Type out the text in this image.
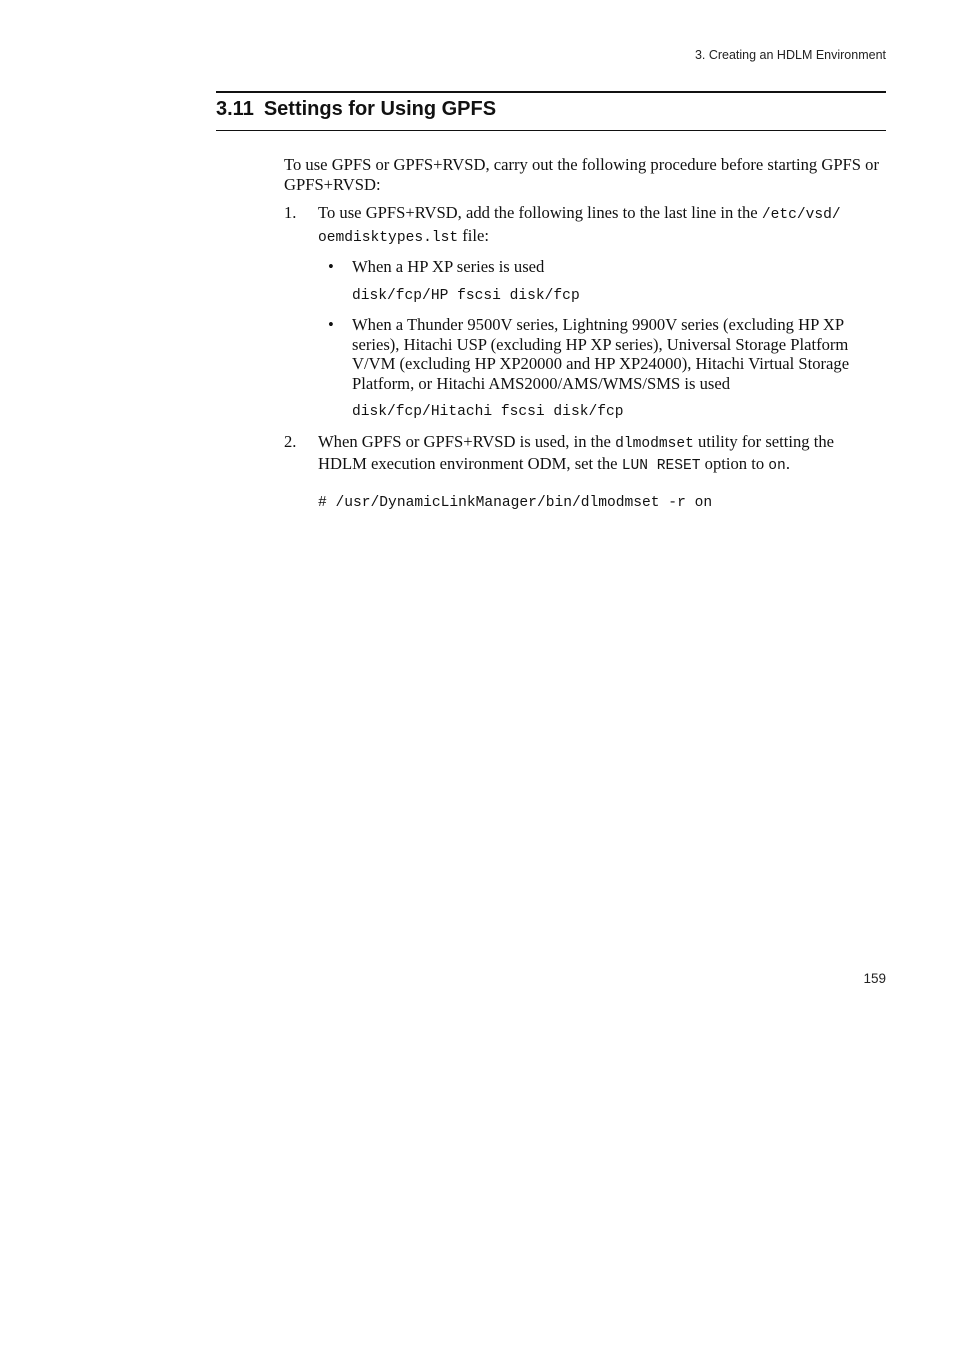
3. Creating an HDLM Environment
3.11 Settings for Using GPFS

To use GPFS or GPFS+RVSD, carry out the following procedure before starting GPFS or GPFS+RVSD:

1. To use GPFS+RVSD, add the following lines to the last line in the /etc/vsd/ oemdisktypes.lst file:

• When a HP XP series is used

disk/fcp/HP fscsi disk/fcp
• When a Thunder 9500V series, Lightning 9900V series (excluding HP XP series), Hitachi USP (excluding HP XP series), Universal Storage Platform V/VM (excluding HP XP20000 and HP XP24000), Hitachi Virtual Storage Platform, or Hitachi AMS2000/AMS/WMS/SMS is used

disk/fcp/Hitachi fscsi disk/fcp
2. When GPFS or GPFS+RVSD is used, in the dlmodmset utility for setting the HDLM execution environment ODM, set the LUN RESET option to on.

# /usr/DynamicLinkManager/bin/dlmodmset -r on
159
